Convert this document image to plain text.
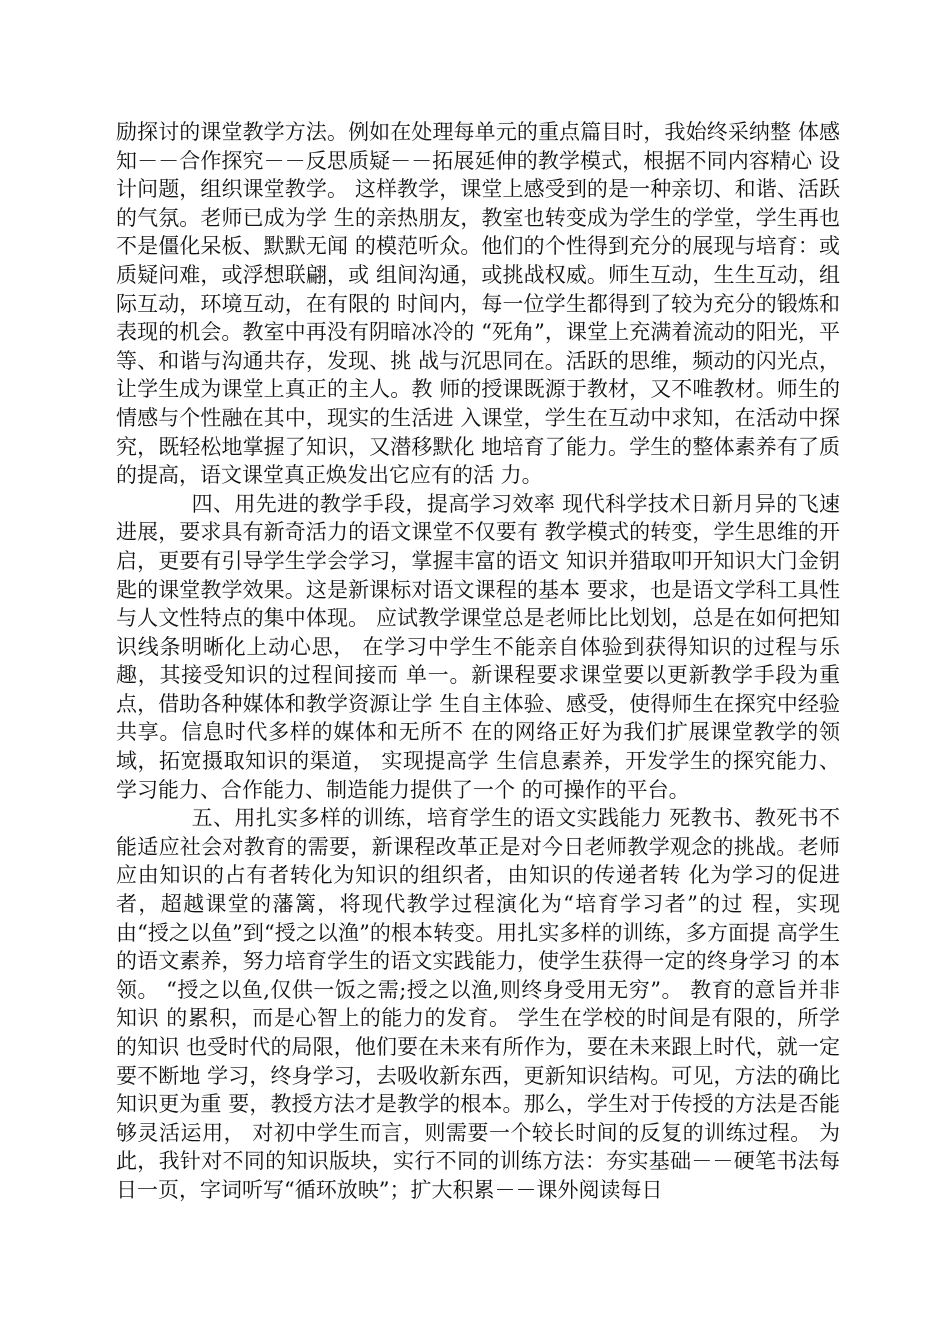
励探讨的课堂教学方法。例如在处理每单元的重点篇目时，我始终采纳整 体感知－－合作探究－－反思质疑－－拓展延伸的教学模式，根据不同内容精心 设计问题，组织课堂教学。 这样教学，课堂上感受到的是一种亲切、和谐、活跃的气氛。老师已成为学 生的亲热朋友，教室也转变成为学生的学堂，学生再也不是僵化呆板、默默无闻 的模范听众。他们的个性得到充分的展现与培育：或质疑问难，或浮想联翩，或 组间沟通，或挑战权威。师生互动，生生互动，组际互动，环境互动，在有限的 时间内，每一位学生都得到了较为充分的锻炼和表现的机会。教室中再没有阴暗冰冷的 “死角”，课堂上充满着流动的阳光，平等、和谐与沟通共存，发现、挑 战与沉思同在。活跃的思维，频动的闪光点，让学生成为课堂上真正的主人。教 师的授课既源于教材，又不唯教材。师生的情感与个性融在其中，现实的生活进 入课堂，学生在互动中求知，在活动中探究，既轻松地掌握了知识，又潜移默化 地培育了能力。学生的整体素养有了质的提高，语文课堂真正焕发出它应有的活 力。

四、用先进的教学手段，提高学习效率 现代科学技术日新月异的飞速进展，要求具有新奇活力的语文课堂不仅要有 教学模式的转变，学生思维的开启，更要有引导学生学会学习，掌握丰富的语文 知识并猎取叩开知识大门金钥匙的课堂教学效果。这是新课标对语文课程的基本 要求，也是语文学科工具性与人文性特点的集中体现。 应试教学课堂总是老师比比划划，总是在如何把知识线条明晰化上动心思， 在学习中学生不能亲自体验到获得知识的过程与乐趣，其接受知识的过程间接而 单一。新课程要求课堂要以更新教学手段为重点，借助各种媒体和教学资源让学 生自主体验、感受，使得师生在探究中经验共享。信息时代多样的媒体和无所不 在的网络正好为我们扩展课堂教学的领域，拓宽摄取知识的渠道， 实现提高学 生信息素养，开发学生的探究能力、学习能力、合作能力、制造能力提供了一个 的可操作的平台。

五、用扎实多样的训练，培育学生的语文实践能力 死教书、教死书不能适应社会对教育的需要，新课程改革正是对今日老师教学观念的挑战。老师应由知识的占有者转化为知识的组织者，由知识的传递者转 化为学习的促进者，超越课堂的藩篱，将现代教学过程演化为“培育学习者”的过 程，实现由“授之以鱼”到“授之以渔”的根本转变。用扎实多样的训练，多方面提 高学生的语文素养，努力培育学生的语文实践能力，使学生获得一定的终身学习 的本领。 “授之以鱼,仅供一饭之需;授之以渔,则终身受用无穷”。 教育的意旨并非知识 的累积，而是心智上的能力的发育。 学生在学校的时间是有限的，所学的知识 也受时代的局限，他们要在未来有所作为，要在未来跟上时代，就一定要不断地 学习，终身学习，去吸收新东西，更新知识结构。可见，方法的确比知识更为重 要，教授方法才是教学的根本。那么，学生对于传授的方法是否能够灵活运用， 对初中学生而言，则需要一个较长时间的反复的训练过程。 为此，我针对不同的知识版块，实行不同的训练方法：夯实基础－－硬笔书法每日一页，字词听写“循环放映”；扩大积累－－课外阅读每日
